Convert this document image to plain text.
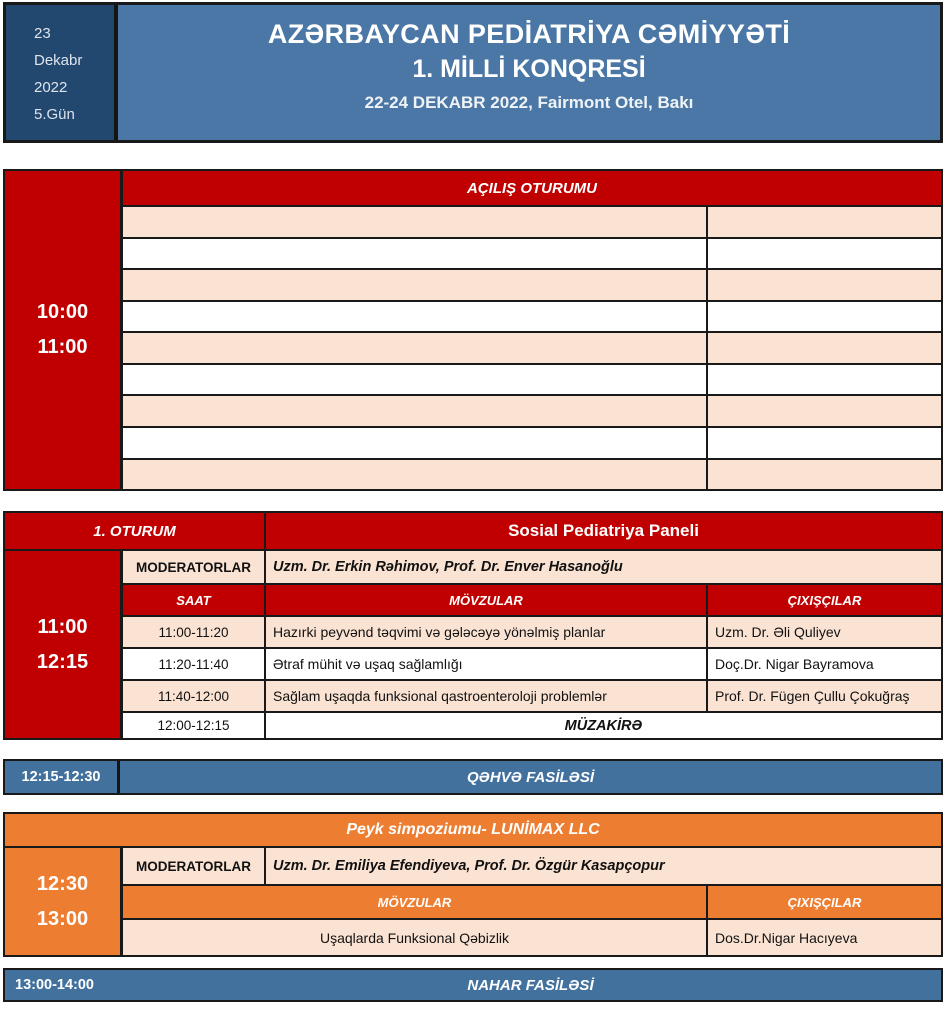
23
Dekabr
2022
5.Gün
AZƏRBAYCAN PEDİATRİYA CƏMİYYƏTİ
1. MİLLİ KONQRESİ
22-24 DEKABR 2022, Fairmont Otel, Bakı
10:00
11:00
AÇILIŞ OTURUMU
1. OTURUM	Sosial Pediatriya Paneli
11:00
12:15
MODERATORLAR	Uzm. Dr. Erkin Rəhimov, Prof. Dr. Enver Hasanoğlu
SAAT	MÖVZULAR	ÇIXIŞÇILAR
11:00-11:20	Hazırki peyvənd təqvimi və gələcəyə yönəlmiş planlar	Uzm. Dr. Əli Quliyev
11:20-11:40	Ətraf mühit və uşaq sağlamlığı	Doç.Dr. Nigar Bayramova
11:40-12:00	Sağlam uşaqda funksional qastroenteroloji problemlər	Prof. Dr. Fügen Çullu Çokuğraş
12:00-12:15	MÜZAKİRƏ
12:15-12:30	QƏHVƏ FASİLƏSİ
Peyk simpoziumu- LUNİMAX LLC
12:30
13:00
MODERATORLAR	Uzm. Dr. Emiliya Efendiyeva, Prof. Dr. Özgür Kasapçopur
MÖVZULAR	ÇIXIŞÇILAR
Uşaqlarda Funksional Qəbizlik	Dos.Dr.Nigar Hacıyeva
13:00-14:00	NAHAR FASİLƏSİ
